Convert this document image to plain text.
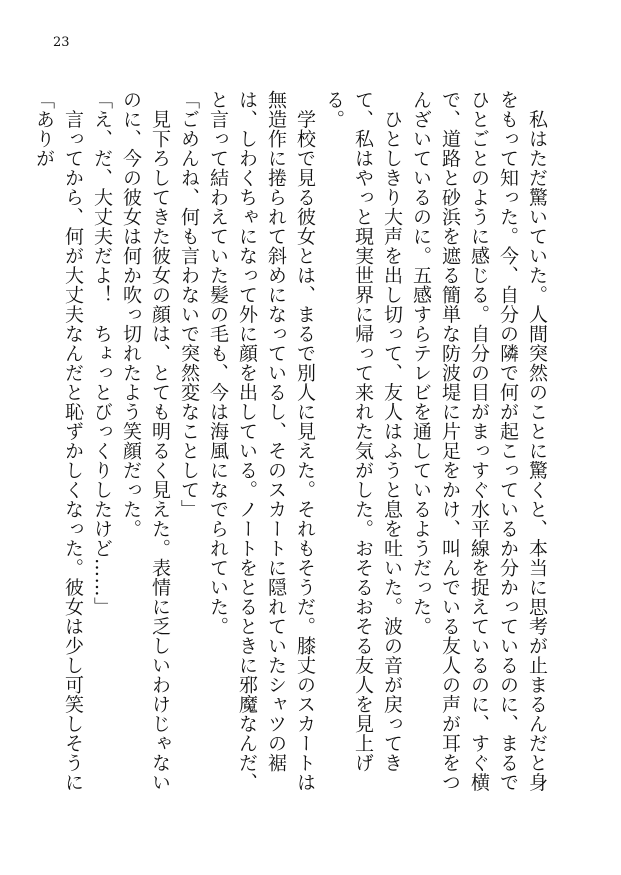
23

　私はただ驚いていた。人間突然のことに驚くと、本当に思考が止まるんだと身をもって知った。今、自分の隣で何が起こっているか分かっているのに、まるでひとごとのように感じる。自分の目がまっすぐ水平線を捉えているのに、すぐ横で、道路と砂浜を遮る簡単な防波堤に片足をかけ、叫んでいる友人の声が耳をつんざいているのに。五感すらテレビを通しているようだった。

　ひとしきり大声を出し切って、友人はふうと息を吐いた。波の音が戻ってきて、私はやっと現実世界に帰って来れた気がした。おそるおそる友人を見上げる。

　学校で見る彼女とは、まるで別人に見えた。それもそうだ。膝丈のスカートは無造作に捲られて斜めになっているし、そのスカートに隠れていたシャツの裾は、しわくちゃになって外に顔を出している。ノートをとるときに邪魔なんだ、と言って結わえていた髪の毛も、今は海風になでられていた。

「ごめんね、何も言わないで突然変なことして」

　見下ろしてきた彼女の顔は、とても明るく見えた。表情に乏しいわけじゃないのに、今の彼女は何か吹っ切れたよう笑顔だった。

「え、だ、大丈夫だよ！　ちょっとびっくりしたけど……」

　言ってから、何が大丈夫なんだと恥ずかしくなった。彼女は少し可笑しそうに「ありが
